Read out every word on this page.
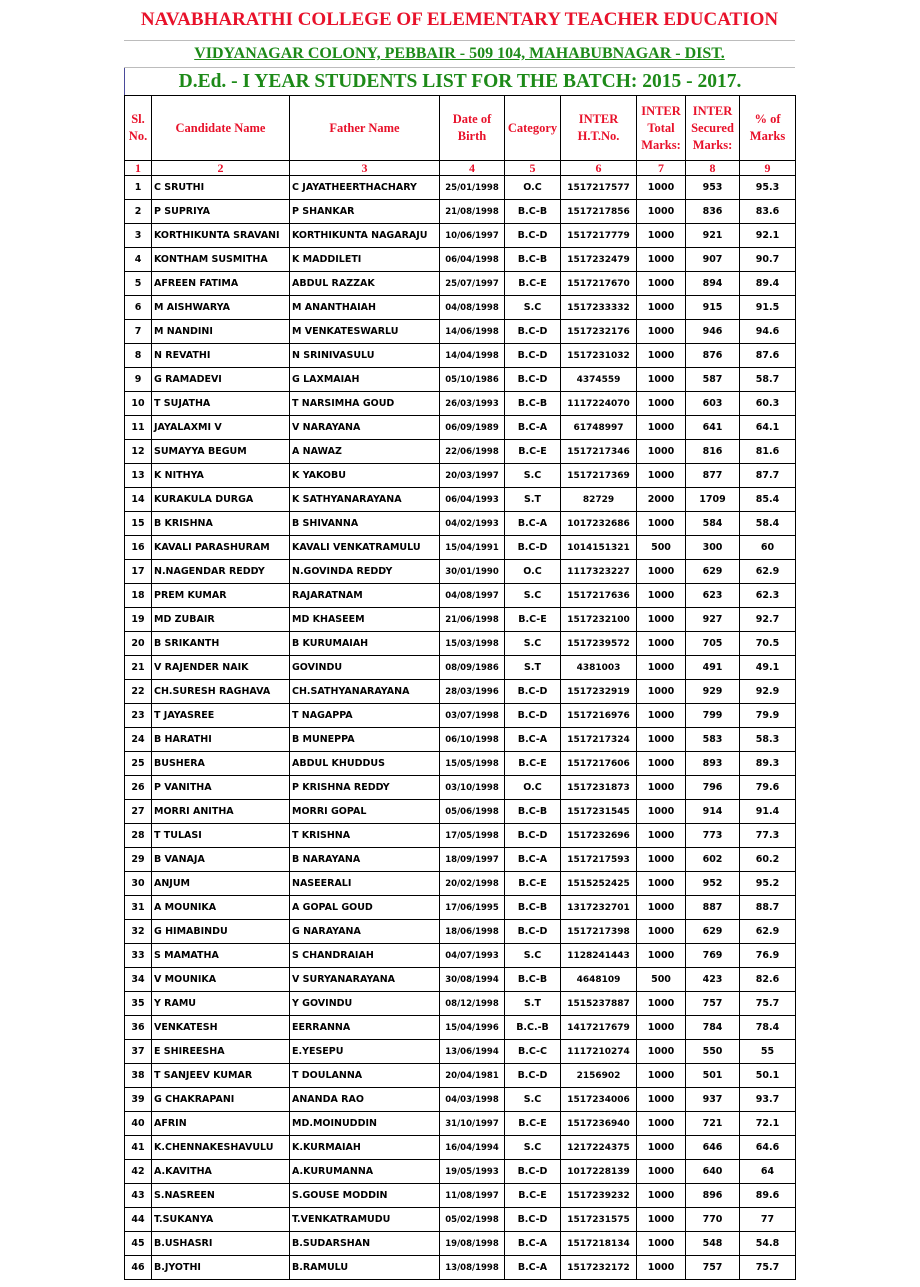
NAVABHARATHI COLLEGE OF ELEMENTARY TEACHER EDUCATION
VIDYANAGAR COLONY, PEBBAIR - 509 104, MAHABUBNAGAR - DIST.
D.Ed. - I YEAR STUDENTS LIST FOR THE BATCH: 2015 - 2017.
Sl. No.	Candidate Name	Father Name	Date of Birth	Category	INTER H.T.No.	INTER Total Marks:	INTER Secured Marks:	% of Marks
1	2	3	4	5	6	7	8	9
1	C SRUTHI	C JAYATHEERTHACHARY	25/01/1998	O.C	1517217577	1000	953	95.3
2	P SUPRIYA	P SHANKAR	21/08/1998	B.C-B	1517217856	1000	836	83.6
3	KORTHIKUNTA SRAVANI	KORTHIKUNTA NAGARAJU	10/06/1997	B.C-D	1517217779	1000	921	92.1
4	KONTHAM SUSMITHA	K MADDILETI	06/04/1998	B.C-B	1517232479	1000	907	90.7
5	AFREEN FATIMA	ABDUL RAZZAK	25/07/1997	B.C-E	1517217670	1000	894	89.4
6	M AISHWARYA	M ANANTHAIAH	04/08/1998	S.C	1517233332	1000	915	91.5
7	M NANDINI	M VENKATESWARLU	14/06/1998	B.C-D	1517232176	1000	946	94.6
8	N REVATHI	N SRINIVASULU	14/04/1998	B.C-D	1517231032	1000	876	87.6
9	G RAMADEVI	G LAXMAIAH	05/10/1986	B.C-D	4374559	1000	587	58.7
10	T SUJATHA	T NARSIMHA GOUD	26/03/1993	B.C-B	1117224070	1000	603	60.3
11	JAYALAXMI V	V NARAYANA	06/09/1989	B.C-A	61748997	1000	641	64.1
12	SUMAYYA BEGUM	A NAWAZ	22/06/1998	B.C-E	1517217346	1000	816	81.6
13	K NITHYA	K YAKOBU	20/03/1997	S.C	1517217369	1000	877	87.7
14	KURAKULA DURGA	K SATHYANARAYANA	06/04/1993	S.T	82729	2000	1709	85.4
15	B KRISHNA	B SHIVANNA	04/02/1993	B.C-A	1017232686	1000	584	58.4
16	KAVALI PARASHURAM	KAVALI VENKATRAMULU	15/04/1991	B.C-D	1014151321	500	300	60
17	N.NAGENDAR REDDY	N.GOVINDA REDDY	30/01/1990	O.C	1117323227	1000	629	62.9
18	PREM KUMAR	RAJARATNAM	04/08/1997	S.C	1517217636	1000	623	62.3
19	MD ZUBAIR	MD KHASEEM	21/06/1998	B.C-E	1517232100	1000	927	92.7
20	B SRIKANTH	B KURUMAIAH	15/03/1998	S.C	1517239572	1000	705	70.5
21	V RAJENDER NAIK	GOVINDU	08/09/1986	S.T	4381003	1000	491	49.1
22	CH.SURESH RAGHAVA	CH.SATHYANARAYANA	28/03/1996	B.C-D	1517232919	1000	929	92.9
23	T JAYASREE	T NAGAPPA	03/07/1998	B.C-D	1517216976	1000	799	79.9
24	B HARATHI	B MUNEPPA	06/10/1998	B.C-A	1517217324	1000	583	58.3
25	BUSHERA	ABDUL KHUDDUS	15/05/1998	B.C-E	1517217606	1000	893	89.3
26	P VANITHA	P KRISHNA REDDY	03/10/1998	O.C	1517231873	1000	796	79.6
27	MORRI ANITHA	MORRI GOPAL	05/06/1998	B.C-B	1517231545	1000	914	91.4
28	T TULASI	T KRISHNA	17/05/1998	B.C-D	1517232696	1000	773	77.3
29	B VANAJA	B NARAYANA	18/09/1997	B.C-A	1517217593	1000	602	60.2
30	ANJUM	NASEERALI	20/02/1998	B.C-E	1515252425	1000	952	95.2
31	A MOUNIKA	A GOPAL GOUD	17/06/1995	B.C-B	1317232701	1000	887	88.7
32	G HIMABINDU	G NARAYANA	18/06/1998	B.C-D	1517217398	1000	629	62.9
33	S MAMATHA	S CHANDRAIAH	04/07/1993	S.C	1128241443	1000	769	76.9
34	V MOUNIKA	V SURYANARAYANA	30/08/1994	B.C-B	4648109	500	423	82.6
35	Y RAMU	Y GOVINDU	08/12/1998	S.T	1515237887	1000	757	75.7
36	VENKATESH	EERRANNA	15/04/1996	B.C.-B	1417217679	1000	784	78.4
37	E SHIREESHA	E.YESEPU	13/06/1994	B.C-C	1117210274	1000	550	55
38	T SANJEEV KUMAR	T DOULANNA	20/04/1981	B.C-D	2156902	1000	501	50.1
39	G CHAKRAPANI	ANANDA RAO	04/03/1998	S.C	1517234006	1000	937	93.7
40	AFRIN	MD.MOINUDDIN	31/10/1997	B.C-E	1517236940	1000	721	72.1
41	K.CHENNAKESHAVULU	K.KURMAIAH	16/04/1994	S.C	1217224375	1000	646	64.6
42	A.KAVITHA	A.KURUMANNA	19/05/1993	B.C-D	1017228139	1000	640	64
43	S.NASREEN	S.GOUSE MODDIN	11/08/1997	B.C-E	1517239232	1000	896	89.6
44	T.SUKANYA	T.VENKATRAMUDU	05/02/1998	B.C-D	1517231575	1000	770	77
45	B.USHASRI	B.SUDARSHAN	19/08/1998	B.C-A	1517218134	1000	548	54.8
46	B.JYOTHI	B.RAMULU	13/08/1998	B.C-A	1517232172	1000	757	75.7
